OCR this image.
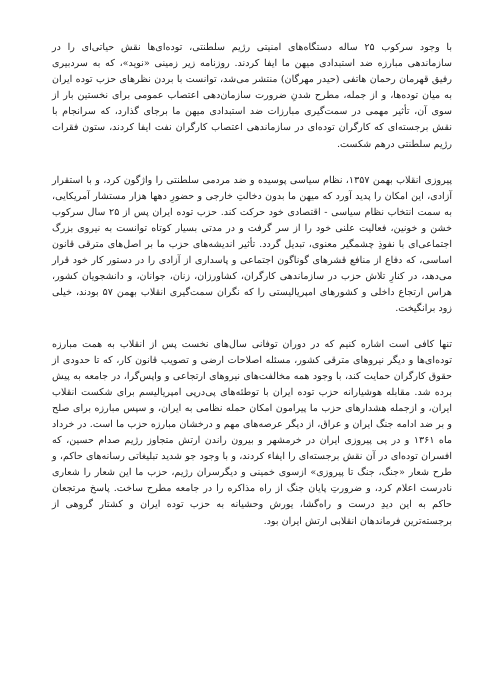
با وجود سرکوب ۲۵ ساله دستگاه‌های امنیتی رژیم سلطنتی، توده‌ای‌ها نقش حیاتی‌ای را در سازماندهی مبارزه ضد استبدادی میهن ما ایفا کردند. روزنامه زیر زمینی «نوید»، که به سردبیری رفیق قهرمان رحمان هاتفی (حیدر مهرگان) منتشر می‌شد، توانست با بردن نظرهای حزب توده ایران به میان توده‌ها، و از جمله، مطرح شدنِ ضرورت سازمان‌دهی اعتصاب عمومی برای نخستین بار از سوی آن، تأثیر مهمی در سمت‌گیری مبارزات ضد استبدادی میهن ما برجای گذارد، که سرانجام با نقش برجسته‌ای که کارگران توده‌ای در سازماندهی اعتصاب کارگران نفت ایفا کردند، ستون فقرات رژیم سلطنتی درهم شکست.

پیروزی انقلاب بهمن ۱۳۵۷، نظام سیاسی پوسیده و ضد مردمی سلطنتی را واژگون کرد، و با استقرار آزادی، این امکان را پدید آورد که میهن ما بدون دخالتِ خارجی و حضورِ دهها هزار مستشار آمریکایی، به سمت انتخاب نظام سیاسی - اقتصادی خود حرکت کند. حزب توده ایران پس از ۲۵ سال سرکوب خشن و خونین، فعالیت علنی خود را از سر گرفت و در مدتی بسیار کوتاه توانست به نیروی بزرگ اجتماعی‌ای با نفوذِ چشمگیر معنوی، تبدیل گردد. تأثیر اندیشه‌های حزب ما بر اصل‌های مترقی قانون اساسی، که دفاع از منافع قشرهای گوناگون اجتماعی و پاسداری از آزادی را در دستور کار خود قرار می‌دهد، در کنارِ تلاش حزب در سازماندهی کارگران، کشاورزان، زنان، جوانان، و دانشجویان کشور، هراس ارتجاع داخلی و کشورهای امپریالیستی را که نگران سمت‌گیری انقلاب بهمن ۵۷ بودند، خیلی زود برانگیخت.

تنها کافی است اشاره کنیم که در دوران توفانی سال‌های نخست پس از انقلاب به همت مبارزه توده‌ای‌ها و دیگر نیروهای مترقی کشور، مسئله اصلاحات ارضی و تصویب قانون کار، که تا حدودی از حقوق کارگران حمایت کند، با وجود همه مخالفت‌های نیروهای ارتجاعی و واپس‌گرا، در جامعه به پیش برده شد. مقابله هوشیارانه حزب توده ایران با توطئه‌های پی‌درپی امپریالیسم برای شکست انقلاب ایران، و ازجمله هشدارهای حزب ما پیرامون امکان حمله نظامی به ایران، و سپس مبارزه برای صلح و بر ضد ادامه جنگ ایران و عراق، از دیگر عرصه‌های مهم و درخشان مبارزه حزب ما است. در خرداد ماه ۱۳۶۱ و در پی پیروزی ایران در خرمشهر و بیرون راندن ارتش متجاوز رژیم صدام حسین، که افسران توده‌ای در آن نقش برجسته‌ای را ایفاء کردند، و با وجود جو شدید تبلیغاتی رسانه‌های حاکم، و طرح شعار «جنگ، جنگ تا پیروزی» ازسوی خمینی و دیگرسران رژیم، حزب ما این شعار را شعاری نادرست اعلام کرد، و ضرورتِ پایان جنگ از راه مذاکره را در جامعه مطرح ساخت. پاسخ مرتجعان حاکم به این دیدِ درست و راه‌گشا، یورش وحشیانه به حزب توده ایران و کشتار گروهی از برجسته‌ترین فرماندهان انقلابی ارتش ایران بود.
